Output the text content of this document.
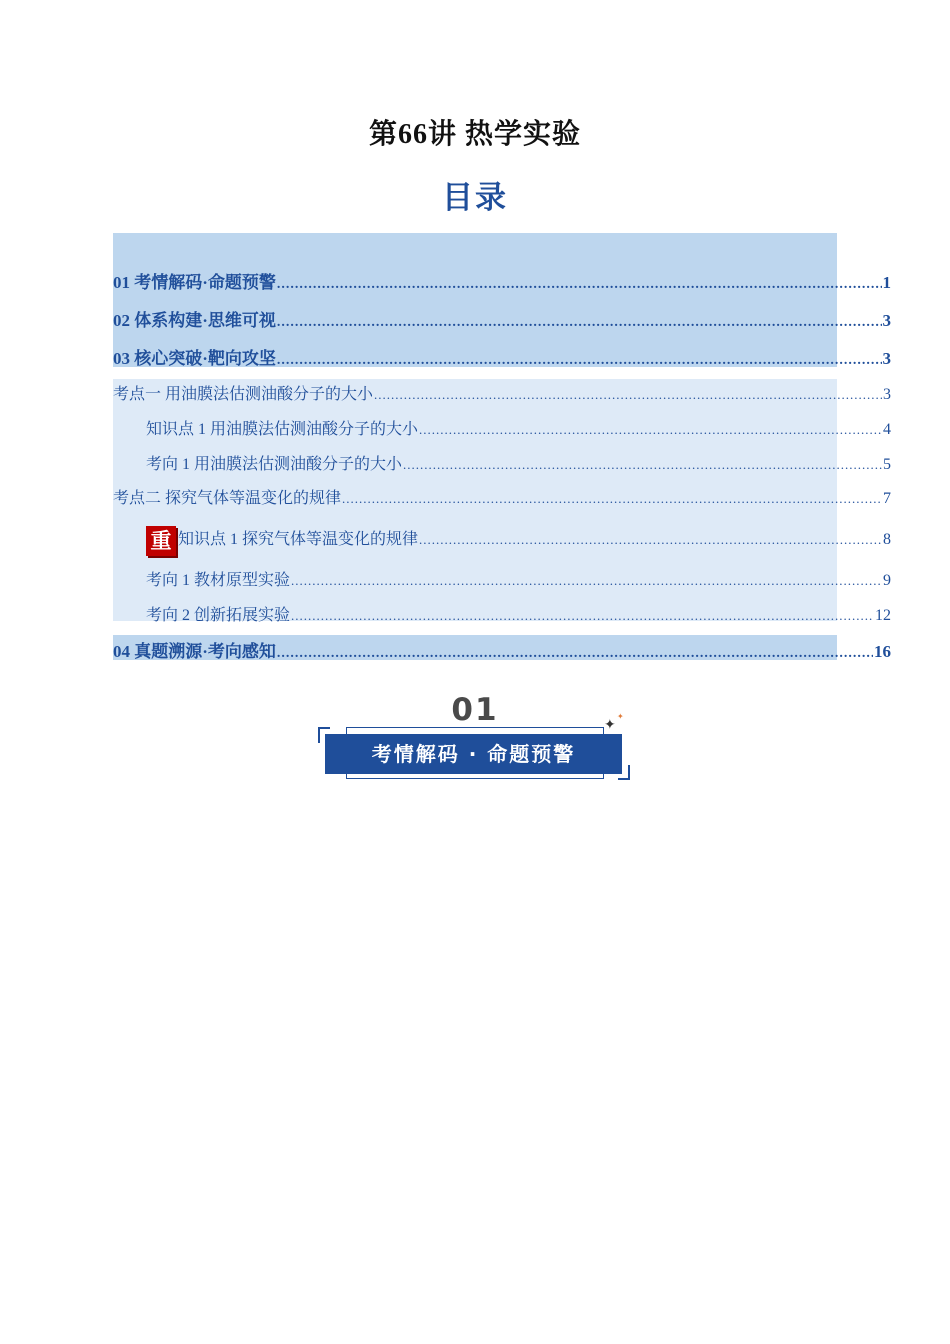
第66讲 热学实验
目录
01 考情解码·命题预警 .....	1
02 体系构建·思维可视 .....	3
03 核心突破·靶向攻坚 .....	3
考点一 用油膜法估测油酸分子的大小 .....	3
知识点 1 用油膜法估测油酸分子的大小 .....	4
考向 1 用油膜法估测油酸分子的大小 .....	5
考点二 探究气体等温变化的规律 .....	7
重 知识点 1 探究气体等温变化的规律 .....	8
考向 1 教材原型实验 .....	9
考向 2 创新拓展实验 .....	12
04 真题溯源·考向感知 .....	16
01
考情解码 · 命题预警
✦
✦
